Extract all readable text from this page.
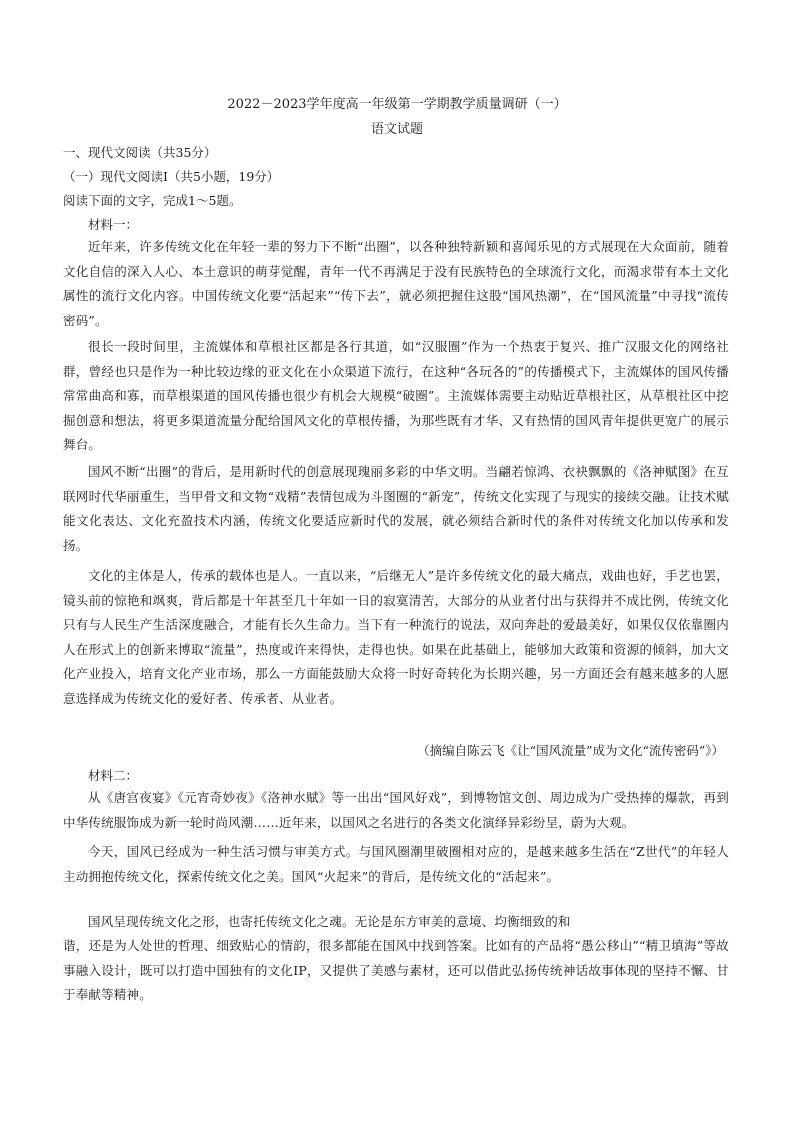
2022－2023学年度高一年级第一学期教学质量调研（一）
语文试题
一、现代文阅读（共35分）
（一）现代文阅读Ⅰ（共5小题，19分）
阅读下面的文字，完成1～5题。
材料一：
近年来，许多传统文化在年轻一辈的努力下不断“出圈”，以各种独特新颖和喜闻乐见的方式展现在大众面前，随着文化自信的深入人心、本土意识的萌芽觉醒，青年一代不再满足于没有民族特色的全球流行文化，而渴求带有本土文化属性的流行文化内容。中国传统文化要“活起来”“传下去”，就必须把握住这股“国风热潮”，在“国风流量”中寻找“流传密码”。
很长一段时间里，主流媒体和草根社区都是各行其道，如“汉服圈”作为一个热衷于复兴、推广汉服文化的网络社群，曾经也只是作为一种比较边缘的亚文化在小众渠道下流行，在这种“各玩各的”的传播模式下，主流媒体的国风传播常常曲高和寡，而草根渠道的国风传播也很少有机会大规模“破圈”。主流媒体需要主动贴近草根社区，从草根社区中挖掘创意和想法，将更多渠道流量分配给国风文化的草根传播，为那些既有才华、又有热情的国风青年提供更宽广的展示舞台。
国风不断“出圈”的背后，是用新时代的创意展现瑰丽多彩的中华文明。当翩若惊鸿、衣袂飘飘的《洛神赋图》在互联网时代华丽重生，当甲骨文和文物“戏精”表情包成为斗图圈的“新宠”，传统文化实现了与现实的接续交融。让技术赋能文化表达、文化充盈技术内涵，传统文化要适应新时代的发展，就必须结合新时代的条件对传统文化加以传承和发扬。
文化的主体是人，传承的载体也是人。一直以来，“后继无人”是许多传统文化的最大痛点，戏曲也好，手艺也罢，镜头前的惊艳和飒爽，背后都是十年甚至几十年如一日的寂寞清苦，大部分的从业者付出与获得并不成比例，传统文化只有与人民生产生活深度融合，才能有长久生命力。当下有一种流行的说法，双向奔赴的爱最美好，如果仅仅依靠圈内人在形式上的创新来博取“流量”，热度或许来得快，走得也快。如果在此基础上，能够加大政策和资源的倾斜，加大文化产业投入，培育文化产业市场，那么一方面能鼓励大众将一时好奇转化为长期兴趣，另一方面还会有越来越多的人愿意选择成为传统文化的爱好者、传承者、从业者。
（摘编自陈云飞《让“国风流量”成为文化“流传密码”》）
材料二：
从《唐宫夜宴》《元宵奇妙夜》《洛神水赋》等一出出“国风好戏”，到博物馆文创、周边成为广受热捧的爆款，再到中华传统服饰成为新一轮时尚风潮……近年来，以国风之名进行的各类文化演绎异彩纷呈，蔚为大观。
今天，国风已经成为一种生活习惯与审美方式。与国风圈潮里破圈相对应的，是越来越多生活在“Z世代”的年轻人主动拥抱传统文化，探索传统文化之美。国风“火起来”的背后，是传统文化的“活起来”。
国风呈现传统文化之形，也寄托传统文化之魂。无论是东方审美的意境、均衡细致的和
谐，还是为人处世的哲理、细致贴心的情韵，很多都能在国风中找到答案。比如有的产品将“愚公移山”“精卫填海”等故事融入设计，既可以打造中国独有的文化IP，又提供了美感与素材，还可以借此弘扬传统神话故事体现的坚持不懈、甘于奉献等精神。
